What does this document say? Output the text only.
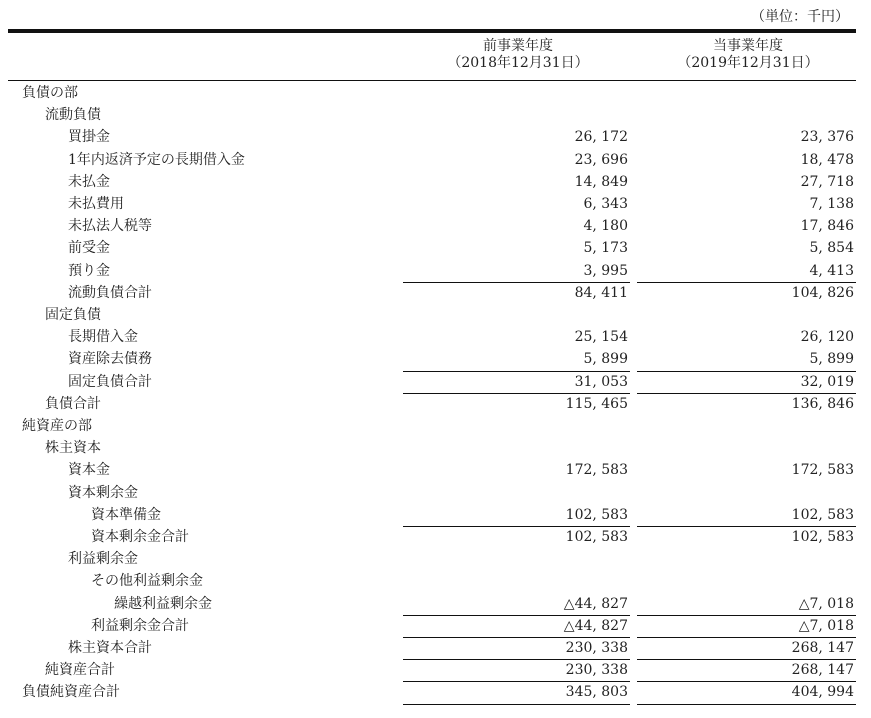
（単位：千円）
前事業年度
（2018年12月31日）
当事業年度
（2019年12月31日）
負債の部
流動負債
買掛金	26, 172	23, 376
1年内返済予定の長期借入金	23, 696	18, 478
未払金	14, 849	27, 718
未払費用	6, 343	7, 138
未払法人税等	4, 180	17, 846
前受金	5, 173	5, 854
預り金	3, 995	4, 413
流動負債合計	84, 411	104, 826
固定負債
長期借入金	25, 154	26, 120
資産除去債務	5, 899	5, 899
固定負債合計	31, 053	32, 019
負債合計	115, 465	136, 846
純資産の部
株主資本
資本金	172, 583	172, 583
資本剰余金
資本準備金	102, 583	102, 583
資本剰余金合計	102, 583	102, 583
利益剰余金
その他利益剰余金
繰越利益剰余金	△44, 827	△7, 018
利益剰余金合計	△44, 827	△7, 018
株主資本合計	230, 338	268, 147
純資産合計	230, 338	268, 147
負債純資産合計	345, 803	404, 994
